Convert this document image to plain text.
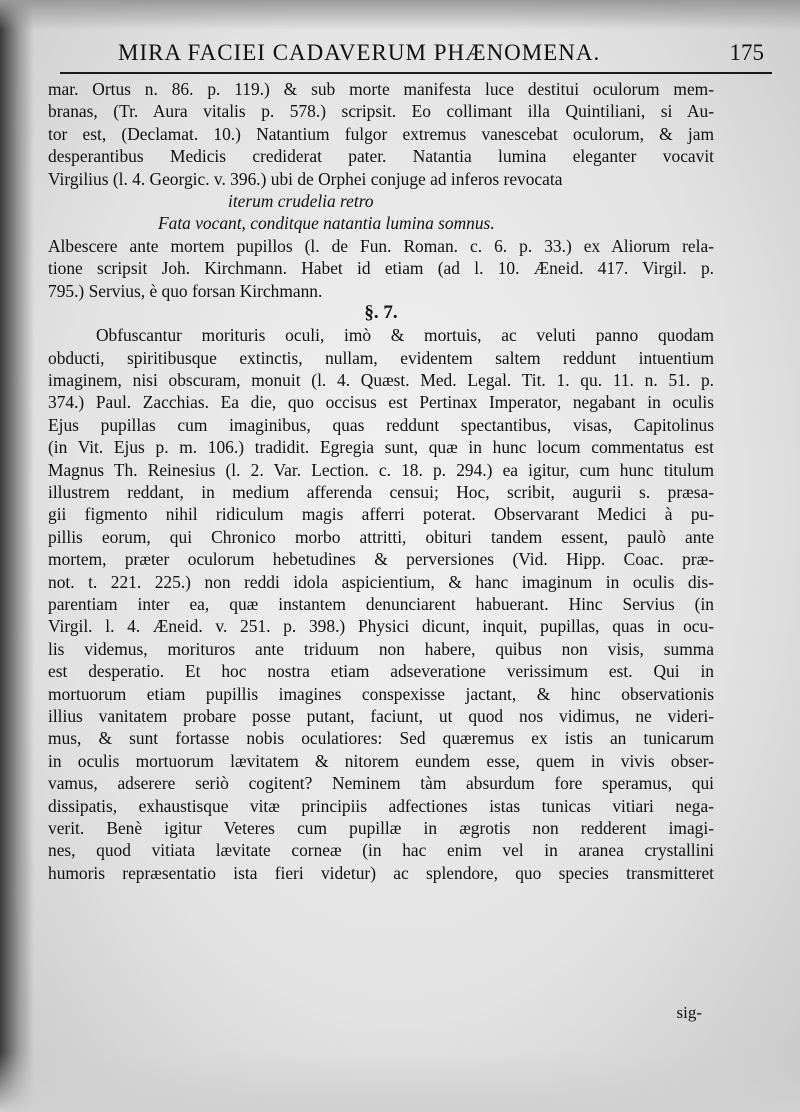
MIRA FACIEI CADAVERUM PHÆNOMENA.	175
mar. Ortus n. 86. p. 119.) & sub morte manifesta luce destitui oculorum mem-
branas, (Tr. Aura vitalis p. 578.) scripsit. Eo collimant illa Quintiliani, si Au-
tor est, (Declamat. 10.) Natantium fulgor extremus vanescebat oculorum, & jam
desperantibus Medicis crediderat pater. Natantia lumina eleganter vocavit
Virgilius (l. 4. Georgic. v. 396.) ubi de Orphei conjuge ad inferos revocata
iterum crudelia retro
Fata vocant, conditque natantia lumina somnus.
Albescere ante mortem pupillos (l. de Fun. Roman. c. 6. p. 33.) ex Aliorum rela-
tione scripsit Joh. Kirchmann. Habet id etiam (ad l. 10. Æneid. 417. Virgil. p.
795.) Servius, è quo forsan Kirchmann.
§. 7.
Obfuscantur morituris oculi, imò & mortuis, ac veluti panno quodam
obducti, spiritibusque extinctis, nullam, evidentem saltem reddunt intuentium
imaginem, nisi obscuram, monuit (l. 4. Quæst. Med. Legal. Tit. 1. qu. 11. n. 51. p.
374.) Paul. Zacchias. Ea die, quo occisus est Pertinax Imperator, negabant in oculis
Ejus pupillas cum imaginibus, quas reddunt spectantibus, visas, Capitolinus
(in Vit. Ejus p. m. 106.) tradidit. Egregia sunt, quæ in hunc locum commentatus est
Magnus Th. Reinesius (l. 2. Var. Lection. c. 18. p. 294.) ea igitur, cum hunc titulum
illustrem reddant, in medium afferenda censui; Hoc, scribit, augurii s. præsa-
gii figmento nihil ridiculum magis afferri poterat. Observarant Medici à pu-
pillis eorum, qui Chronico morbo attritti, obituri tandem essent, paulò ante
mortem, præter oculorum hebetudines & perversiones (Vid. Hipp. Coac. præ-
not. t. 221. 225.) non reddi idola aspicientium, & hanc imaginum in oculis dis-
parentiam inter ea, quæ instantem denunciarent habuerant. Hinc Servius (in
Virgil. l. 4. Æneid. v. 251. p. 398.) Physici dicunt, inquit, pupillas, quas in ocu-
lis videmus, morituros ante triduum non habere, quibus non visis, summa
est desperatio. Et hoc nostra etiam adseveratione verissimum est. Qui in
mortuorum etiam pupillis imagines conspexisse jactant, & hinc observationis
illius vanitatem probare posse putant, faciunt, ut quod nos vidimus, ne videri-
mus, & sunt fortasse nobis oculatiores: Sed quæremus ex istis an tunicarum
in oculis mortuorum lævitatem & nitorem eundem esse, quem in vivis obser-
vamus, adserere seriò cogitent? Neminem tàm absurdum fore speramus, qui
dissipatis, exhaustisque vitæ principiis adfectiones istas tunicas vitiari nega-
verit. Benè igitur Veteres cum pupillæ in ægrotis non redderent imagi-
nes, quod vitiata lævitate corneæ (in hac enim vel in aranea crystallini
humoris repræsentatio ista fieri videtur) ac splendore, quo species transmitteret
sig-
